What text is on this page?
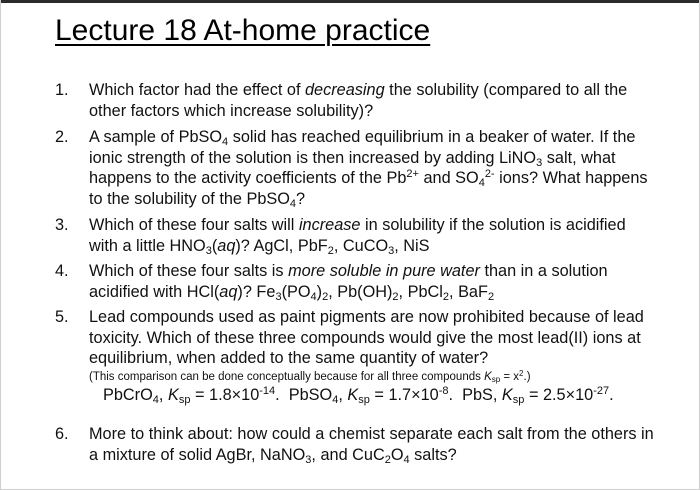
Lecture 18 At-home practice
1. Which factor had the effect of decreasing the solubility (compared to all the other factors which increase solubility)?
2. A sample of PbSO$_4$ solid has reached equilibrium in a beaker of water. If the ionic strength of the solution is then increased by adding LiNO$_3$ salt, what happens to the activity coefficients of the $Pb^{2+}$ and $SO_4^{2-}$ ions? What happens to the solubility of the PbSO$_4$?
3. Which of these four salts will increase in solubility if the solution is acidified with a little $HNO_3(aq)$? AgCl, PbF$_2$, CuCO$_3$, NiS
4. Which of these four salts is more soluble in pure water than in a solution acidified with HCl(aq)? $Fe_3(PO_4)_2$, $Pb(OH)_2$, PbCl$_2$, BaF$_2$
5. Lead compounds used as paint pigments are now prohibited because of lead toxicity. Which of these three compounds would give the most lead(II) ions at equilibrium, when added to the same quantity of water?
(This comparison can be done conceptually because for all three compounds $K_{sp} = x^2$.)
PbCrO$_4$, $K_{sp} = 1.8\times 10^{-14}$. PbSO$_4$, $K_{sp} = 1.7\times 10^{-8}$. PbS, $K_{sp} = 2.5\times 10^{-27}$.
6. More to think about: how could a chemist separate each salt from the others in a mixture of solid AgBr, NaNO$_3$, and $CuC_2O_4$ salts?
